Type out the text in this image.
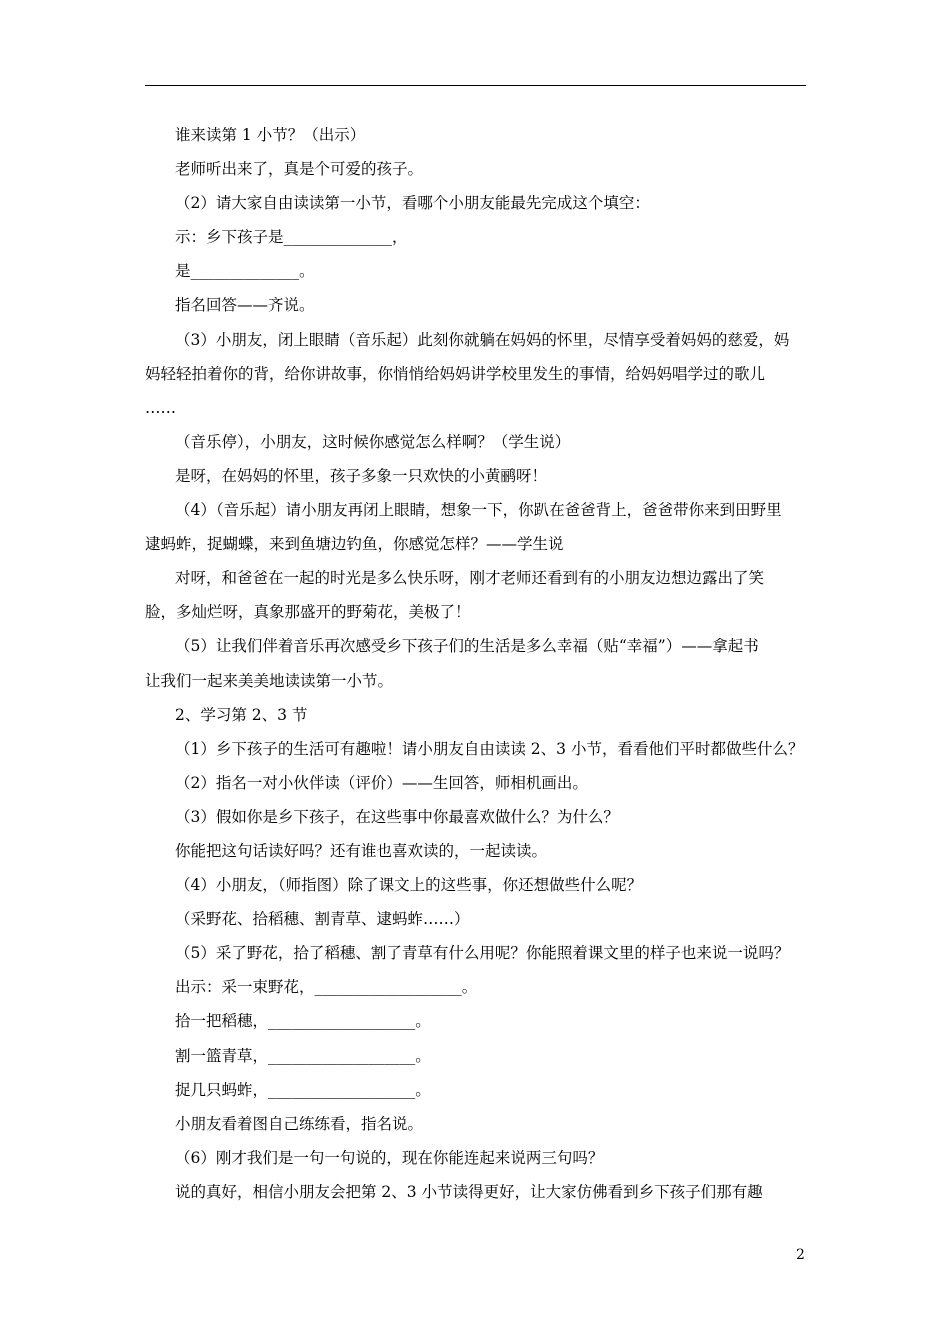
谁来读第 1 小节？（出示）
老师听出来了，真是个可爱的孩子。
（2）请大家自由读读第一小节，看哪个小朋友能最先完成这个填空：
示：乡下孩子是______________，
是______________。
指名回答——齐说。
（3）小朋友，闭上眼睛（音乐起）此刻你就躺在妈妈的怀里，尽情享受着妈妈的慈爱，妈
妈轻轻拍着你的背，给你讲故事，你悄悄给妈妈讲学校里发生的事情，给妈妈唱学过的歌儿
……
（音乐停），小朋友，这时候你感觉怎么样啊？（学生说）
是呀，在妈妈的怀里，孩子多象一只欢快的小黄鹂呀！
（4）（音乐起）请小朋友再闭上眼睛，想象一下，你趴在爸爸背上，爸爸带你来到田野里
逮蚂蚱，捉蝴蝶，来到鱼塘边钓鱼，你感觉怎样？——学生说
对呀，和爸爸在一起的时光是多么快乐呀，刚才老师还看到有的小朋友边想边露出了笑
脸，多灿烂呀，真象那盛开的野菊花，美极了！
（5）让我们伴着音乐再次感受乡下孩子们的生活是多么幸福（贴“幸福”）——拿起书
让我们一起来美美地读读第一小节。
2、学习第 2、3 节
（1）乡下孩子的生活可有趣啦！请小朋友自由读读 2、3 小节，看看他们平时都做些什么？
（2）指名一对小伙伴读（评价）——生回答，师相机画出。
（3）假如你是乡下孩子，在这些事中你最喜欢做什么？为什么？
你能把这句话读好吗？还有谁也喜欢读的，一起读读。
（4）小朋友，（师指图）除了课文上的这些事，你还想做些什么呢？
（采野花、拾稻穗、割青草、逮蚂蚱……）
（5）采了野花，拾了稻穗、割了青草有什么用呢？你能照着课文里的样子也来说一说吗？
出示：采一束野花，___________________。
拾一把稻穗，___________________。
割一篮青草，___________________。
捉几只蚂蚱，___________________。
小朋友看着图自己练练看，指名说。
（6）刚才我们是一句一句说的，现在你能连起来说两三句吗？
说的真好，相信小朋友会把第 2、3 小节读得更好，让大家仿佛看到乡下孩子们那有趣
2
